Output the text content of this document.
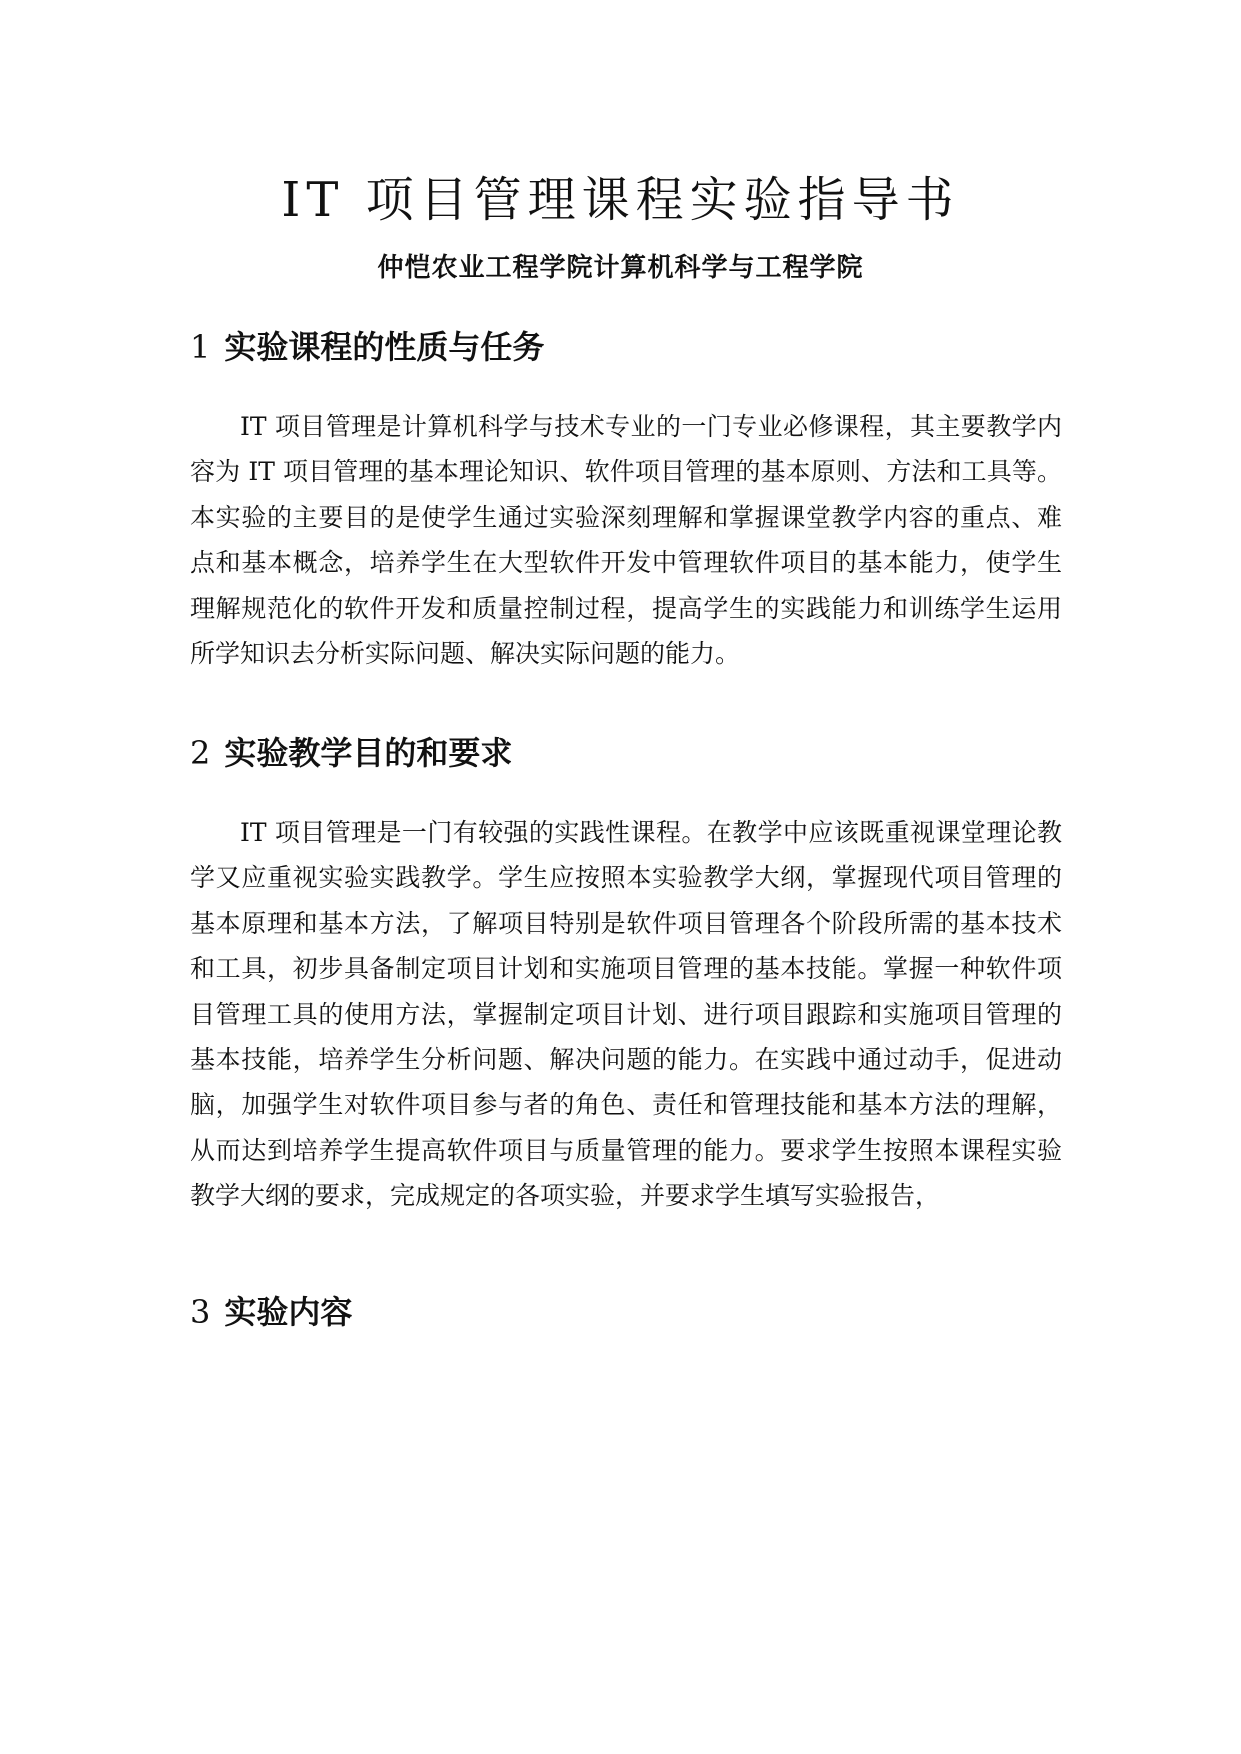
IT 项目管理课程实验指导书
仲恺农业工程学院计算机科学与工程学院
1 实验课程的性质与任务

IT 项目管理是计算机科学与技术专业的一门专业必修课程，其主要教学内容为 IT 项目管理的基本理论知识、软件项目管理的基本原则、方法和工具等。本实验的主要目的是使学生通过实验深刻理解和掌握课堂教学内容的重点、难点和基本概念，培养学生在大型软件开发中管理软件项目的基本能力，使学生理解规范化的软件开发和质量控制过程，提高学生的实践能力和训练学生运用所学知识去分析实际问题、解决实际问题的能力。

2 实验教学目的和要求

IT 项目管理是一门有较强的实践性课程。在教学中应该既重视课堂理论教学又应重视实验实践教学。学生应按照本实验教学大纲，掌握现代项目管理的基本原理和基本方法，了解项目特别是软件项目管理各个阶段所需的基本技术和工具，初步具备制定项目计划和实施项目管理的基本技能。掌握一种软件项目管理工具的使用方法，掌握制定项目计划、进行项目跟踪和实施项目管理的基本技能，培养学生分析问题、解决问题的能力。在实践中通过动手，促进动脑，加强学生对软件项目参与者的角色、责任和管理技能和基本方法的理解，从而达到培养学生提高软件项目与质量管理的能力。要求学生按照本课程实验教学大纲的要求，完成规定的各项实验，并要求学生填写实验报告，

3 实验内容
